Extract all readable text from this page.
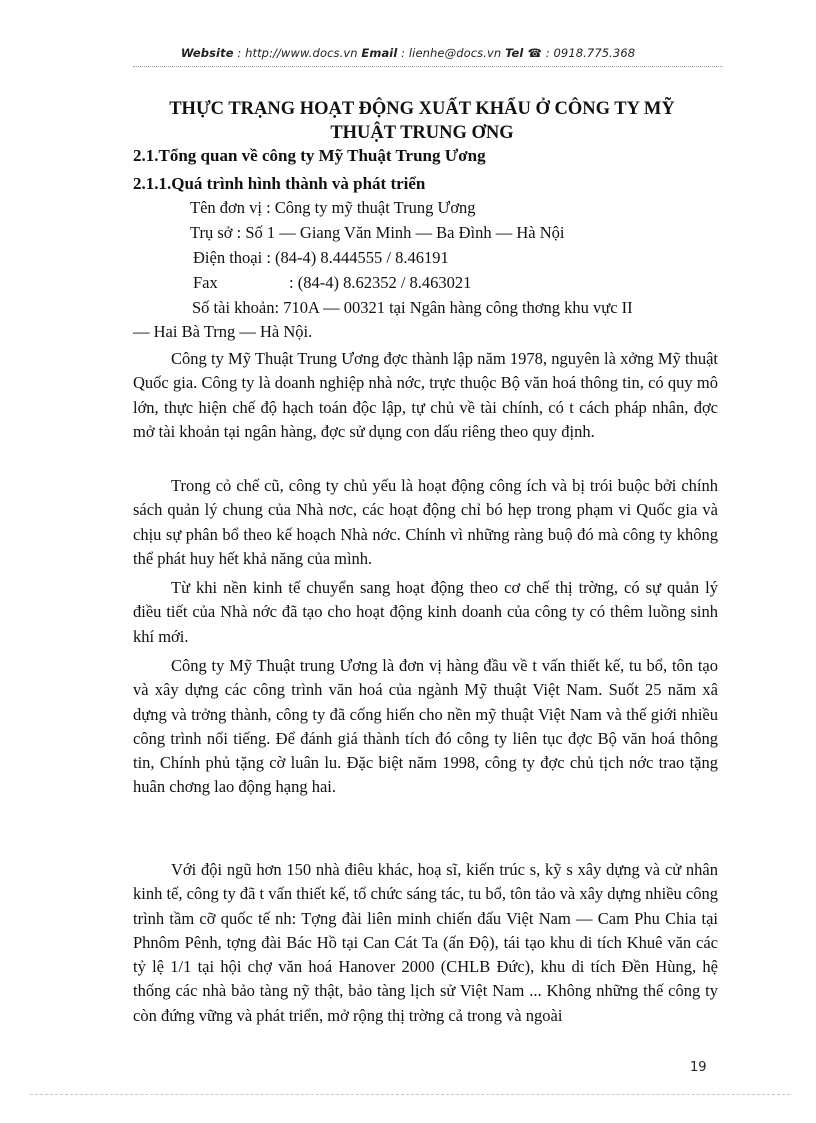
Website : http://www.docs.vn Email : lienhe@docs.vn Tel ☎ : 0918.775.368
THỰC TRẠNG HOẠT ĐỘNG XUẤT KHẨU Ở CÔNG TY MỸ
THUẬT TRUNG ƠNG
2.1.Tổng quan về công ty Mỹ Thuật Trung Ương
2.1.1.Quá trình hình thành và phát triển
Tên đơn vị : Công ty mỹ thuật Trung Ương
Trụ sở : Số 1 — Giang Văn Minh — Ba Đình — Hà Nội
Điện thoại : (84-4) 8.444555 / 8.46191
Fax	: (84-4) 8.62352 / 8.463021
Số tài khoản: 710A — 00321 tại Ngân hàng công thơng khu vực II
— Hai Bà Trng — Hà Nội.

Công ty Mỹ Thuật Trung Ương đợc thành lập năm 1978, nguyên là xởng Mỹ thuật Quốc gia. Công ty là doanh nghiệp nhà nớc, trực thuộc Bộ văn hoá thông tin, có quy mô lớn, thực hiện chế độ hạch toán độc lập, tự chủ về tài chính, có t cách pháp nhân, đợc mở tài khoản tại ngân hàng, đợc sử dụng con dấu riêng theo quy định.

Trong cỏ chế cũ, công ty chủ yếu là hoạt động công ích và bị trói buộc bởi chính sách quản lý chung của Nhà nơc, các hoạt động chỉ bó hẹp trong phạm vi Quốc gia và chịu sự phân bổ theo kế hoạch Nhà nớc. Chính vì những ràng buộ đó mà công ty không thể phát huy hết khả năng của mình.

Từ khi nền kinh tế chuyển sang hoạt động theo cơ chế thị trờng, có sự quản lý điều tiết của Nhà nớc đã tạo cho hoạt động kinh doanh của công ty có thêm luồng sinh khí mới.

Công ty Mỹ Thuật trung Ương là đơn vị hàng đầu về t vấn thiết kế, tu bổ, tôn tạo và xây dựng các công trình văn hoá của ngành Mỹ thuật Việt Nam. Suốt 25 năm xâ dựng và trởng thành, công ty đã cống hiến cho nền mỹ thuật Việt Nam và thế giới nhiều công trình nổi tiếng. Để đánh giá thành tích đó công ty liên tục đợc Bộ văn hoá thông tin, Chính phủ tặng cờ luân lu. Đặc biệt năm 1998, công ty đợc chủ tịch nớc trao tặng huân chơng lao động hạng hai.

Với đội ngũ hơn 150 nhà điêu khác, hoạ sĩ, kiến trúc s, kỹ s xây dựng và cử nhân kinh tế, công ty đã t vấn thiết kế, tổ chức sáng tác, tu bổ, tôn tảo và xây dựng nhiều công trình tầm cỡ quốc tế nh: Tợng đài liên minh chiến đấu Việt Nam — Cam Phu Chia tại Phnôm Pênh, tợng đài Bác Hồ tại Can Cát Ta (ấn Độ), tái tạo khu di tích Khuê văn các tỷ lệ 1/1 tại hội chợ văn hoá Hanover 2000 (CHLB Đức), khu di tích Đền Hùng, hệ thống các nhà bảo tàng nỹ thật, bảo tàng lịch sử Việt Nam ... Không những thế công ty còn đứng vững và phát triển, mở rộng thị trờng cả trong và ngoài

19
